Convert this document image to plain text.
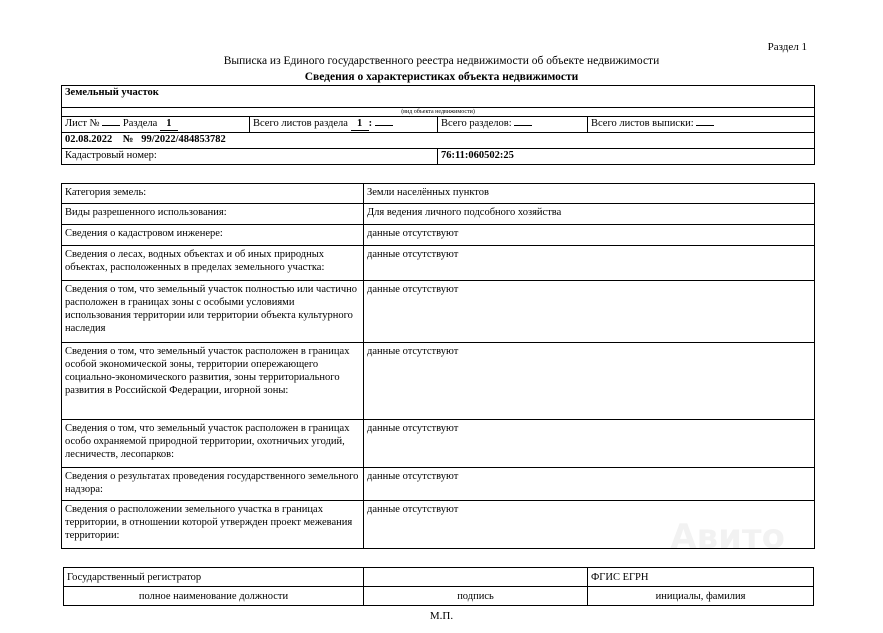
Раздел 1
Выписка из Единого государственного реестра недвижимости об объекте недвижимости
Сведения о характеристиках объекта недвижимости
Земельный участок			

(вид объекта недвижимости)			

Лист № Раздела 1	Всего листов раздела 1 :	Всего разделов:	Всего листов выписки:
02.08.2022 № 99/2022/484853782			
Кадастровый номер:		76:11:060502:25	
Категория земель:	Земли населённых пунктов
Виды разрешенного использования:	Для ведения личного подсобного хозяйства
Сведения о кадастровом инженере:	данные отсутствуют
Сведения о лесах, водных объектах и об иных природных объектах, расположенных в пределах земельного участка:	данные отсутствуют
Сведения о том, что земельный участок полностью или частично расположен в границах зоны с особыми условиями использования территории или территории объекта культурного наследия	данные отсутствуют
Сведения о том, что земельный участок расположен в границах особой экономической зоны, территории опережающего социально-экономического развития, зоны территориального развития в Российской Федерации, игорной зоны:	данные отсутствуют
Сведения о том, что земельный участок расположен в границах особо охраняемой природной территории, охотничьих угодий, лесничеств, лесопарков:	данные отсутствуют
Сведения о результатах проведения государственного земельного надзора:	данные отсутствуют
Сведения о расположении земельного участка в границах территории, в отношении которой утвержден проект межевания территории:	данные отсутствуют
Государственный регистратор		ФГИС ЕГРН
полное наименование должности	подпись	инициалы, фамилия
М.П.
Авито
